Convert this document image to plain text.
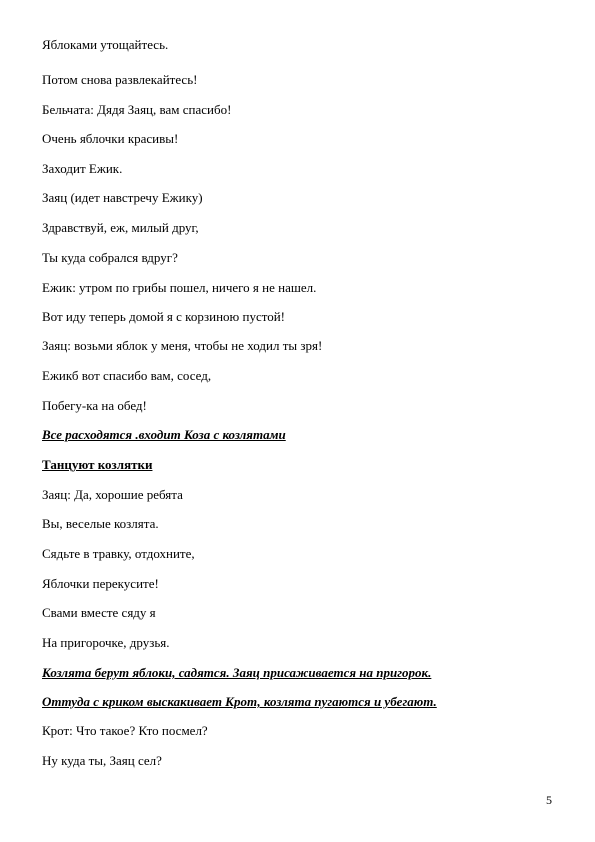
Яблоками утощайтесь.
Потом снова развлекайтесь!
Бельчата: Дядя Заяц, вам спасибо!
Очень яблочки красивы!
Заходит Ежик.
Заяц (идет навстречу Ежику)
Здравствуй, еж, милый друг,
Ты куда собрался вдруг?
Ежик: утром по грибы пошел, ничего я не нашел.
Вот иду теперь домой я с корзиною пустой!
Заяц: возьми яблок у меня, чтобы не ходил ты зря!
Ежикб вот спасибо вам, сосед,
Побегу-ка на обед!
Все расходятся .входит Коза с козлятами
Танцуют козлятки
Заяц: Да, хорошие ребята
Вы, веселые козлята.
Сядьте в травку, отдохните,
Яблочки перекусите!
Свами вместе сяду я
На пригорочке, друзья.
Козлята берут яблоки, садятся. Заяц присаживается на пригорок.
Оттуда с криком выскакивает Крот, козлята пугаются и убегают.
Крот: Что такое? Кто посмел?
Ну куда ты, Заяц сел?
5
